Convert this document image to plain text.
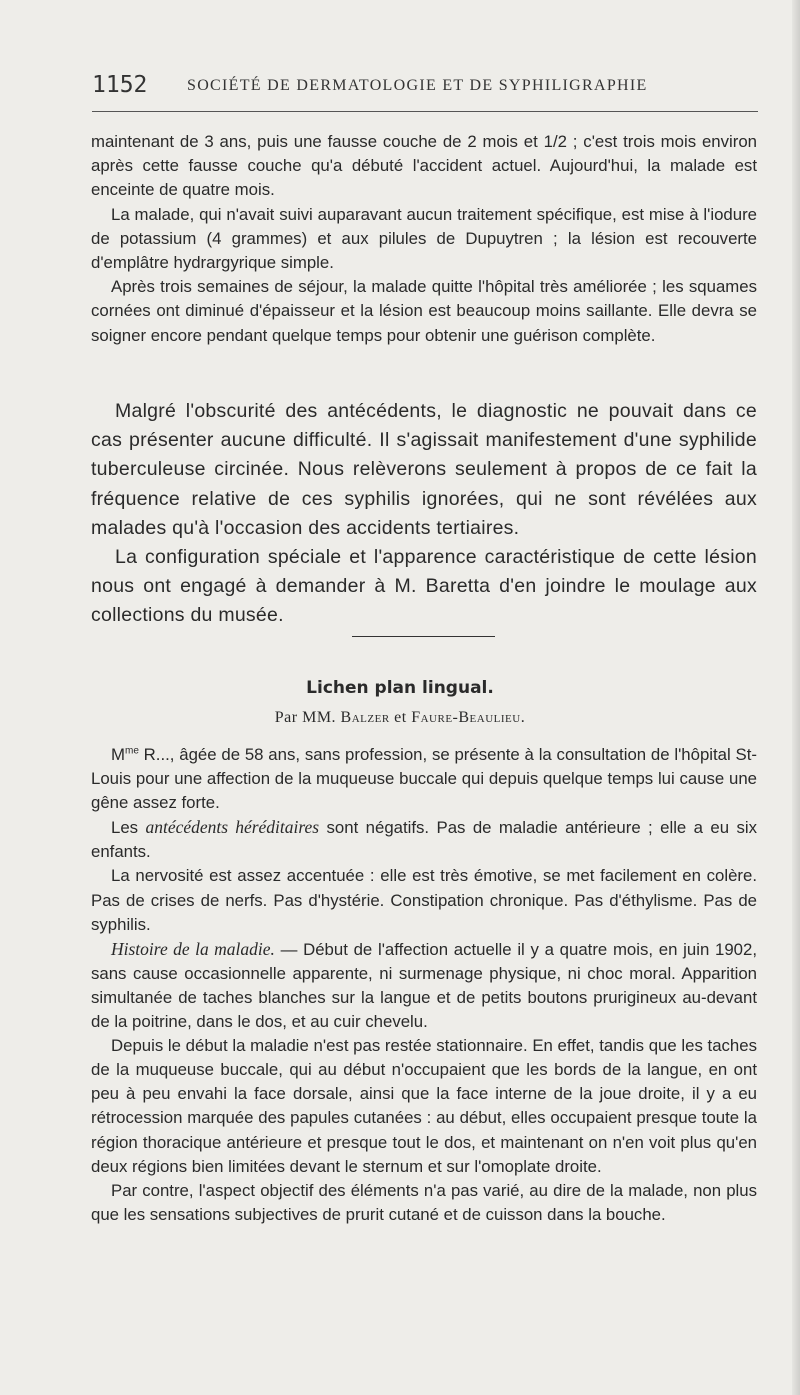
1152 SOCIÉTÉ DE DERMATOLOGIE ET DE SYPHILIGRAPHIE

maintenant de 3 ans, puis une fausse couche de 2 mois et 1/2 ; c'est trois mois environ après cette fausse couche qu'a débuté l'accident actuel. Aujourd'hui, la malade est enceinte de quatre mois.

La malade, qui n'avait suivi auparavant aucun traitement spécifique, est mise à l'iodure de potassium (4 grammes) et aux pilules de Dupuytren ; la lésion est recouverte d'emplâtre hydrargyrique simple.

Après trois semaines de séjour, la malade quitte l'hôpital très améliorée ; les squames cornées ont diminué d'épaisseur et la lésion est beaucoup moins saillante. Elle devra se soigner encore pendant quelque temps pour obtenir une guérison complète.

Malgré l'obscurité des antécédents, le diagnostic ne pouvait dans ce cas présenter aucune difficulté. Il s'agissait manifestement d'une syphilide tuberculeuse circinée. Nous relèverons seulement à propos de ce fait la fréquence relative de ces syphilis ignorées, qui ne sont révélées aux malades qu'à l'occasion des accidents tertiaires.

La configuration spéciale et l'apparence caractéristique de cette lésion nous ont engagé à demander à M. Baretta d'en joindre le moulage aux collections du musée.

Lichen plan lingual.
Par MM. Balzer et Faure-Beaulieu.

$M^{me}$ R..., âgée de 58 ans, sans profession, se présente à la consultation de l'hôpital St-Louis pour une affection de la muqueuse buccale qui depuis quelque temps lui cause une gêne assez forte.

Les antécédents héréditaires sont négatifs. Pas de maladie antérieure ; elle a eu six enfants.

La nervosité est assez accentuée : elle est très émotive, se met facilement en colère. Pas de crises de nerfs. Pas d'hystérie. Constipation chronique. Pas d'éthylisme. Pas de syphilis.

Histoire de la maladie. — Début de l'affection actuelle il y a quatre mois, en juin 1902, sans cause occasionnelle apparente, ni surmenage physique, ni choc moral. Apparition simultanée de taches blanches sur la langue et de petits boutons prurigineux au-devant de la poitrine, dans le dos, et au cuir chevelu.

Depuis le début la maladie n'est pas restée stationnaire. En effet, tandis que les taches de la muqueuse buccale, qui au début n'occupaient que les bords de la langue, en ont peu à peu envahi la face dorsale, ainsi que la face interne de la joue droite, il y a eu rétrocession marquée des papules cutanées : au début, elles occupaient presque toute la région thoracique antérieure et presque tout le dos, et maintenant on n'en voit plus qu'en deux régions bien limitées devant le sternum et sur l'omoplate droite.

Par contre, l'aspect objectif des éléments n'a pas varié, au dire de la malade, non plus que les sensations subjectives de prurit cutané et de cuisson dans la bouche.
